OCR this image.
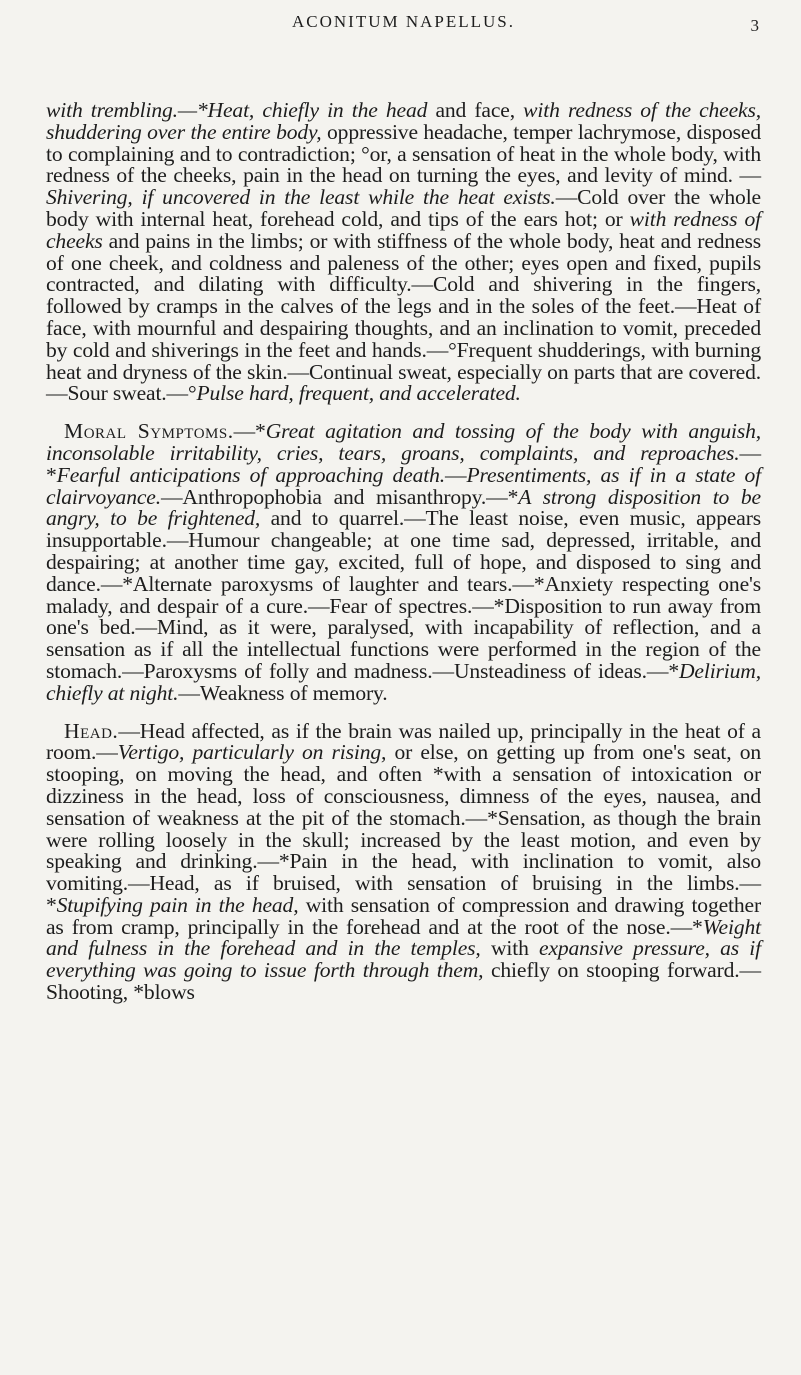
ACONITUM NAPELLUS.	3

with trembling.—*Heat, chiefly in the head and face, with redness of the cheeks, shuddering over the entire body, oppressive headache, temper lachrymose, disposed to complaining and to contradiction; °or, a sensation of heat in the whole body, with redness of the cheeks, pain in the head on turning the eyes, and levity of mind. —Shivering, if uncovered in the least while the heat exists.—Cold over the whole body with internal heat, forehead cold, and tips of the ears hot; or with redness of cheeks and pains in the limbs; or with stiffness of the whole body, heat and redness of one cheek, and coldness and paleness of the other; eyes open and fixed, pupils contracted, and dilating with difficulty.—Cold and shivering in the fingers, followed by cramps in the calves of the legs and in the soles of the feet.—Heat of face, with mournful and despairing thoughts, and an inclination to vomit, preceded by cold and shiverings in the feet and hands.—°Frequent shudderings, with burning heat and dryness of the skin.—Continual sweat, especially on parts that are covered.—Sour sweat.—°Pulse hard, frequent, and accelerated.

Moral Symptoms.—*Great agitation and tossing of the body with anguish, inconsolable irritability, cries, tears, groans, complaints, and reproaches.—*Fearful anticipations of approaching death.—Presentiments, as if in a state of clairvoyance.—Anthropophobia and misanthropy.—*A strong disposition to be angry, to be frightened, and to quarrel.—The least noise, even music, appears insupportable.—Humour changeable; at one time sad, depressed, irritable, and despairing; at another time gay, excited, full of hope, and disposed to sing and dance.—*Alternate paroxysms of laughter and tears.—*Anxiety respecting one's malady, and despair of a cure.—Fear of spectres.—*Disposition to run away from one's bed.—Mind, as it were, paralysed, with incapability of reflection, and a sensation as if all the intellectual functions were performed in the region of the stomach.—Paroxysms of folly and madness.—Unsteadiness of ideas.—*Delirium, chiefly at night.—Weakness of memory.

Head.—Head affected, as if the brain was nailed up, principally in the heat of a room.—Vertigo, particularly on rising, or else, on getting up from one's seat, on stooping, on moving the head, and often *with a sensation of intoxication or dizziness in the head, loss of consciousness, dimness of the eyes, nausea, and sensation of weakness at the pit of the stomach.—*Sensation, as though the brain were rolling loosely in the skull; increased by the least motion, and even by speaking and drinking.—*Pain in the head, with inclination to vomit, also vomiting.—Head, as if bruised, with sensation of bruising in the limbs.—*Stupifying pain in the head, with sensation of compression and drawing together as from cramp, principally in the forehead and at the root of the nose.—*Weight and fulness in the forehead and in the temples, with expansive pressure, as if everything was going to issue forth through them, chiefly on stooping forward.—Shooting, *blows
